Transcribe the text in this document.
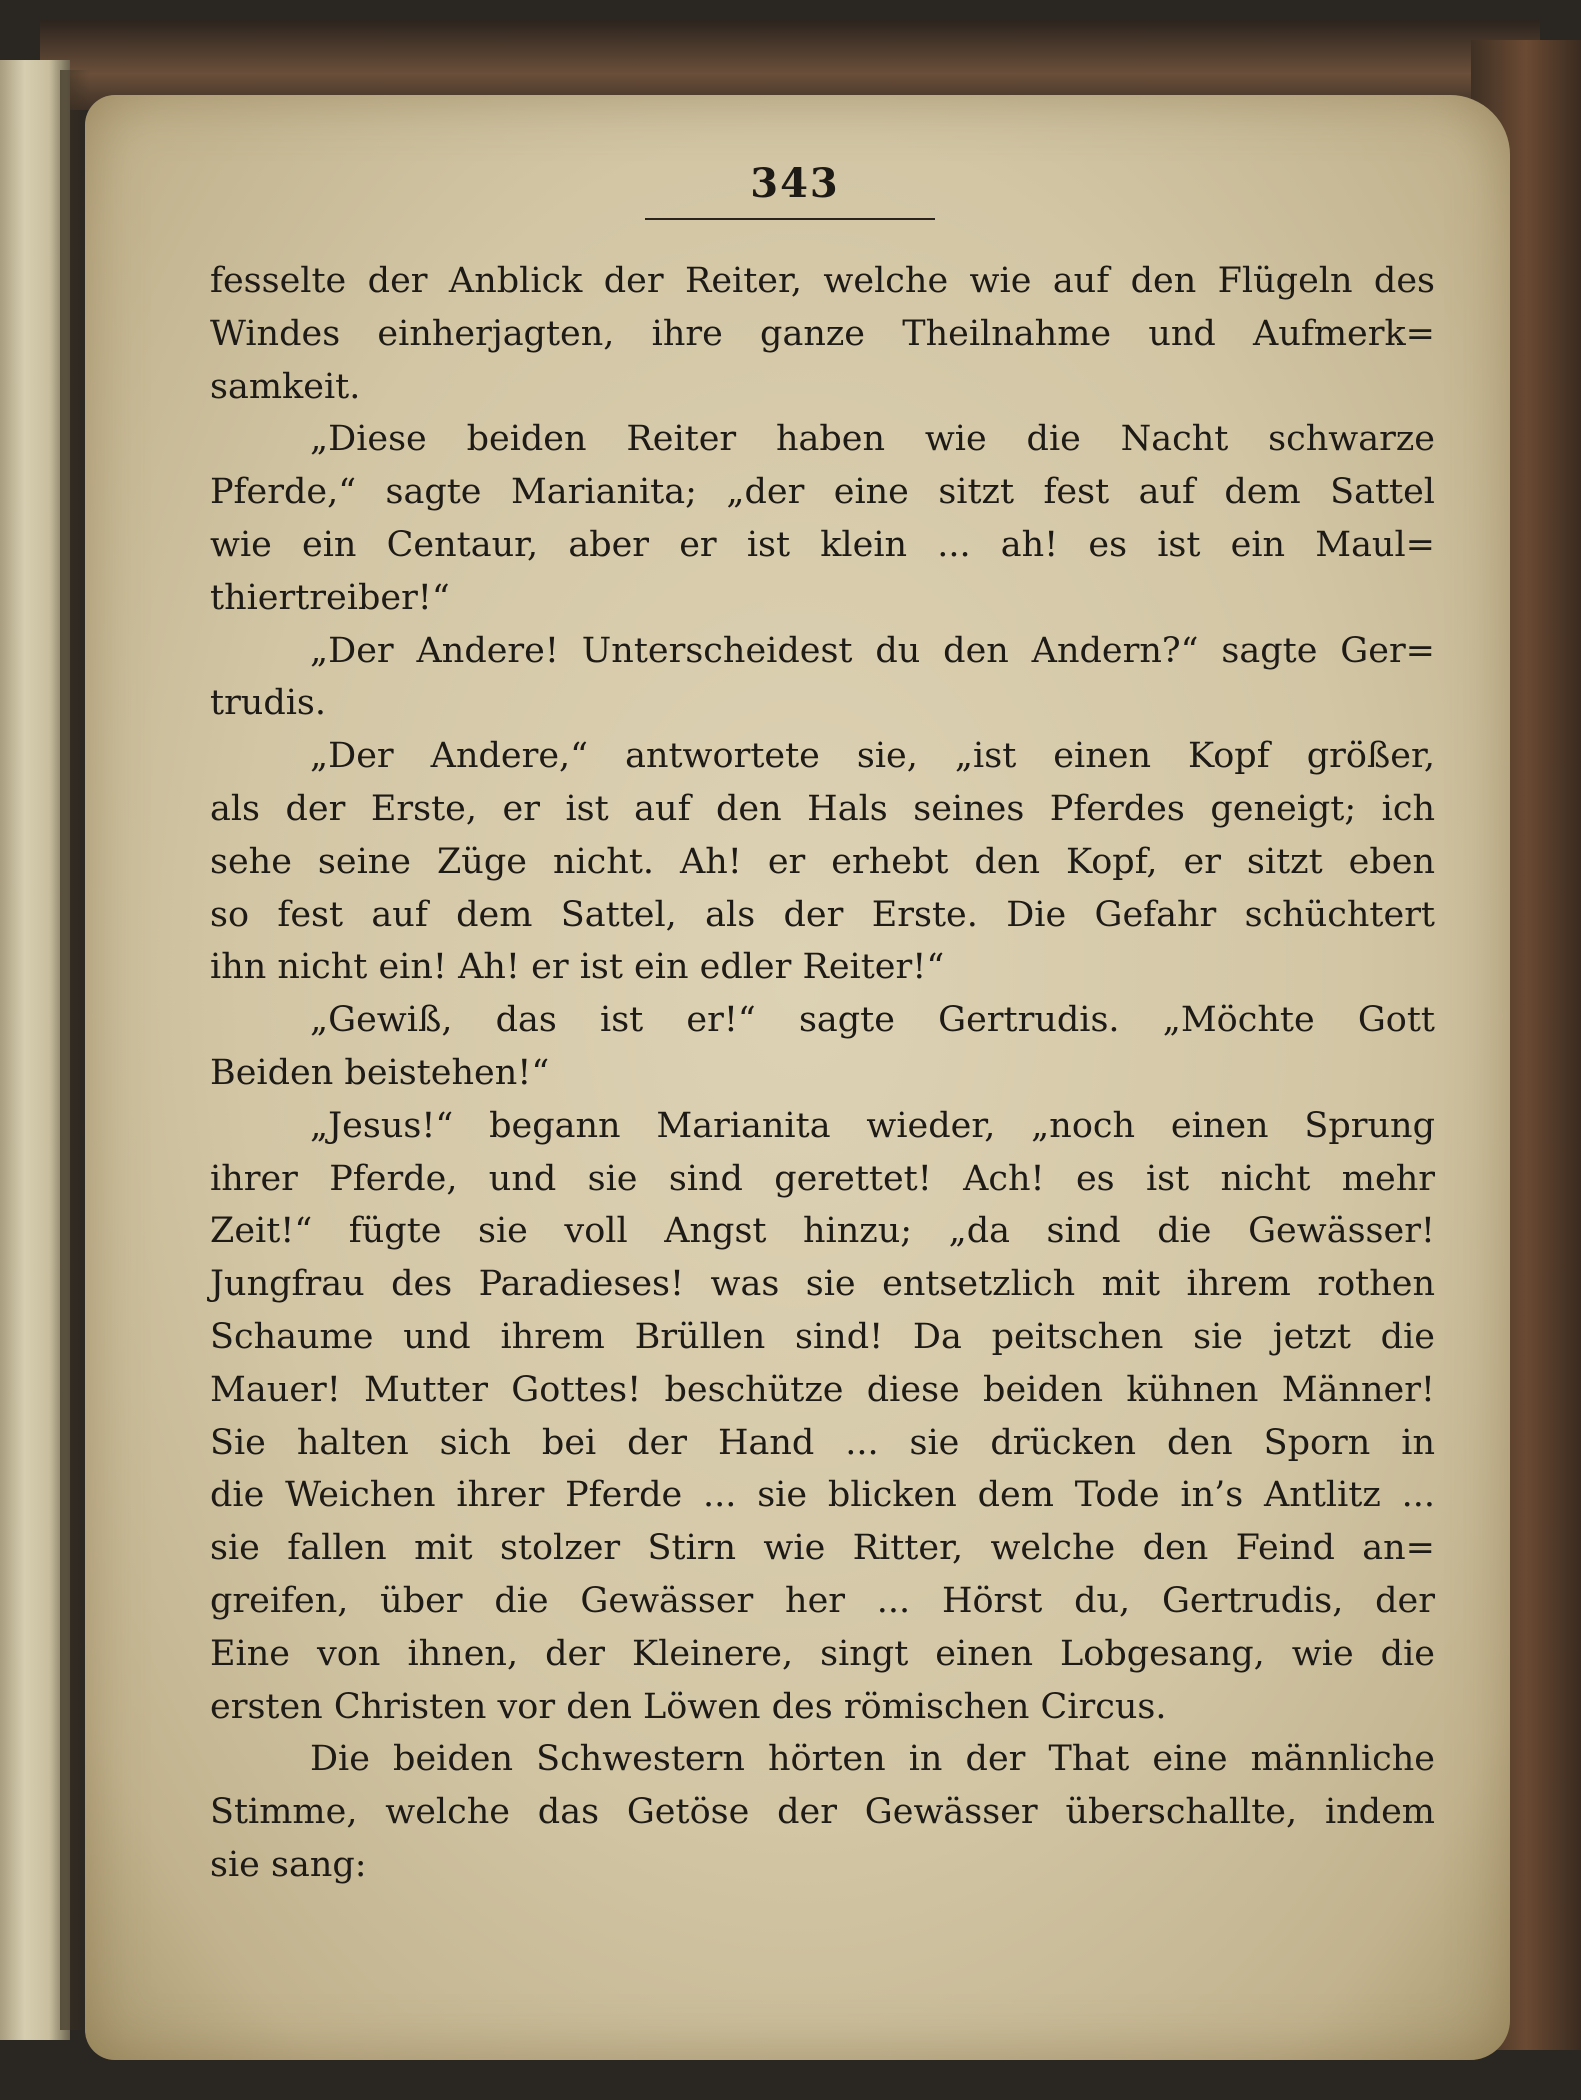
343
fesselte der Anblick der Reiter, welche wie auf den Flügeln des
Windes einherjagten, ihre ganze Theilnahme und Aufmerk=
samkeit.
„Diese beiden Reiter haben wie die Nacht schwarze
Pferde,“ sagte Marianita; „der eine sitzt fest auf dem Sattel
wie ein Centaur, aber er ist klein ... ah! es ist ein Maul=
thiertreiber!“
„Der Andere! Unterscheidest du den Andern?“ sagte Ger=
trudis.
„Der Andere,“ antwortete sie, „ist einen Kopf größer,
als der Erste, er ist auf den Hals seines Pferdes geneigt; ich
sehe seine Züge nicht. Ah! er erhebt den Kopf, er sitzt eben
so fest auf dem Sattel, als der Erste. Die Gefahr schüchtert
ihn nicht ein! Ah! er ist ein edler Reiter!“
„Gewiß, das ist er!“ sagte Gertrudis. „Möchte Gott
Beiden beistehen!“
„Jesus!“ begann Marianita wieder, „noch einen Sprung
ihrer Pferde, und sie sind gerettet! Ach! es ist nicht mehr
Zeit!“ fügte sie voll Angst hinzu; „da sind die Gewässer!
Jungfrau des Paradieses! was sie entsetzlich mit ihrem rothen
Schaume und ihrem Brüllen sind! Da peitschen sie jetzt die
Mauer! Mutter Gottes! beschütze diese beiden kühnen Männer!
Sie halten sich bei der Hand ... sie drücken den Sporn in
die Weichen ihrer Pferde ... sie blicken dem Tode in’s Antlitz ...
sie fallen mit stolzer Stirn wie Ritter, welche den Feind an=
greifen, über die Gewässer her ... Hörst du, Gertrudis, der
Eine von ihnen, der Kleinere, singt einen Lobgesang, wie die
ersten Christen vor den Löwen des römischen Circus.
Die beiden Schwestern hörten in der That eine männliche
Stimme, welche das Getöse der Gewässer überschallte, indem
sie sang:
